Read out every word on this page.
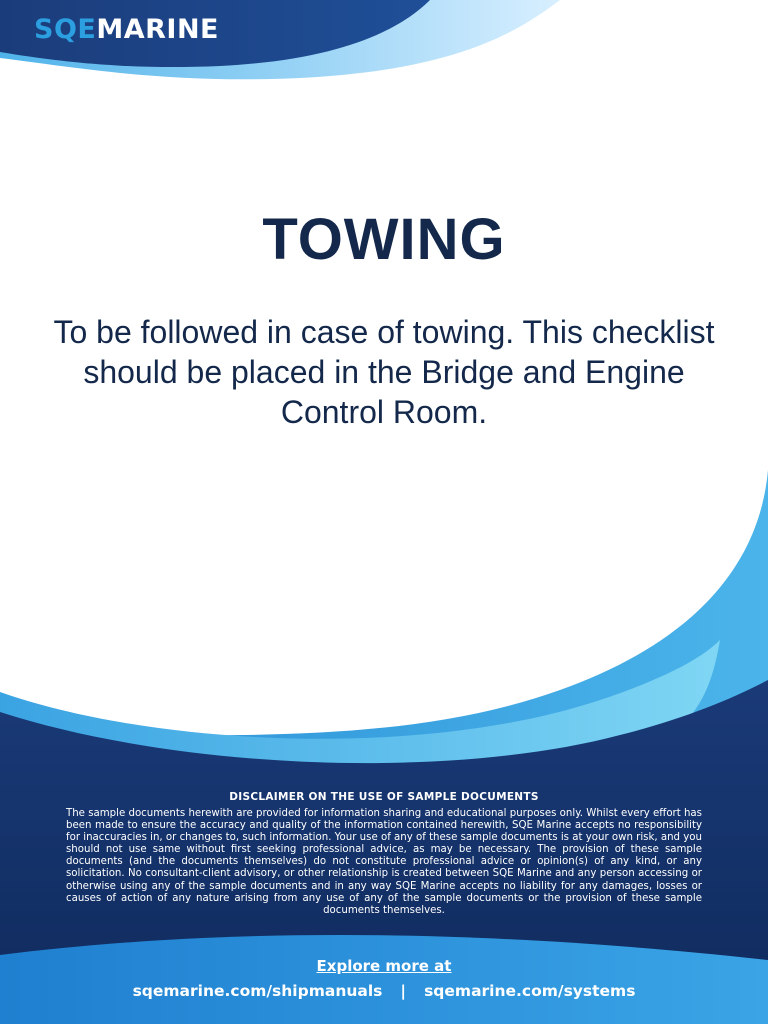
SQEMARINE
TOWING
To be followed in case of towing. This checklist should be placed in the Bridge and Engine Control Room.
DISCLAIMER ON THE USE OF SAMPLE DOCUMENTS
The sample documents herewith are provided for information sharing and educational purposes only. Whilst every effort has been made to ensure the accuracy and quality of the information contained herewith, SQE Marine accepts no responsibility for inaccuracies in, or changes to, such information. Your use of any of these sample documents is at your own risk, and you should not use same without first seeking professional advice, as may be necessary. The provision of these sample documents (and the documents themselves) do not constitute professional advice or opinion(s) of any kind, or any solicitation. No consultant-client advisory, or other relationship is created between SQE Marine and any person accessing or otherwise using any of the sample documents and in any way SQE Marine accepts no liability for any damages, losses or causes of action of any nature arising from any use of any of the sample documents or the provision of these sample documents themselves.
Explore more at
sqemarine.com/shipmanuals | sqemarine.com/systems
